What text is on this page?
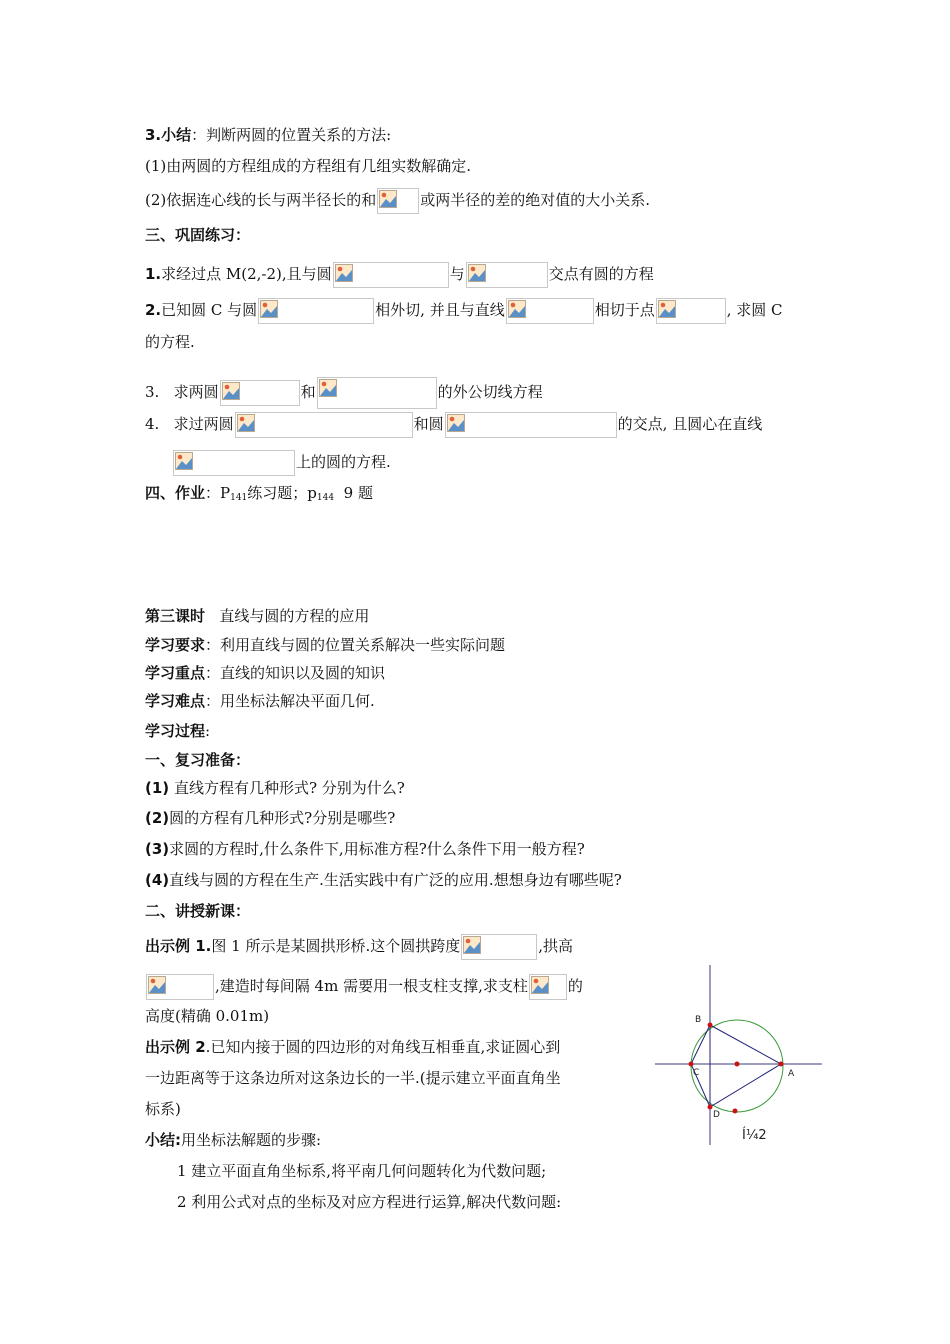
3.小结：判断两圆的位置关系的方法:
(1)由两圆的方程组成的方程组有几组实数解确定.
(2)依据连心线的长与两半径长的和	或两半径的差的绝对值的大小关系.
三、巩固练习：
1.求经过点 M(2,-2),且与圆	与	交点有圆的方程
2.已知圆 C 与圆	相外切, 并且与直线	相切于点	, 求圆 C
的方程.
3. 求两圆	和	的外公切线方程
4. 求过两圆	和圆	的交点, 且圆心在直线
上的圆的方程.
四、作业：$P_{141}$练习题；$p_{144}$ 9 题
第三课时 直线与圆的方程的应用
学习要求：利用直线与圆的位置关系解决一些实际问题
学习重点：直线的知识以及圆的知识
学习难点：用坐标法解决平面几何.
学习过程:
一、复习准备：
(1) 直线方程有几种形式? 分别为什么?
(2)圆的方程有几种形式?分别是哪些?
(3)求圆的方程时,什么条件下,用标准方程?什么条件下用一般方程?
(4)直线与圆的方程在生产.生活实践中有广泛的应用.想想身边有哪些呢?
二、讲授新课：
出示例 1.图 1 所示是某圆拱形桥.这个圆拱跨度	,拱高
,建造时每间隔 4m 需要用一根支柱支撑,求支柱	的
高度(精确 0.01m)
出示例 2.已知内接于圆的四边形的对角线互相垂直,求证圆心到
一边距离等于这条边所对这条边长的一半.(提示建立平面直角坐
标系)
小结:用坐标法解题的步骤:
1 建立平面直角坐标系,将平南几何问题转化为代数问题;
2 利用公式对点的坐标及对应方程进行运算,解决代数问题:
B
A
C
D
Í¼2
